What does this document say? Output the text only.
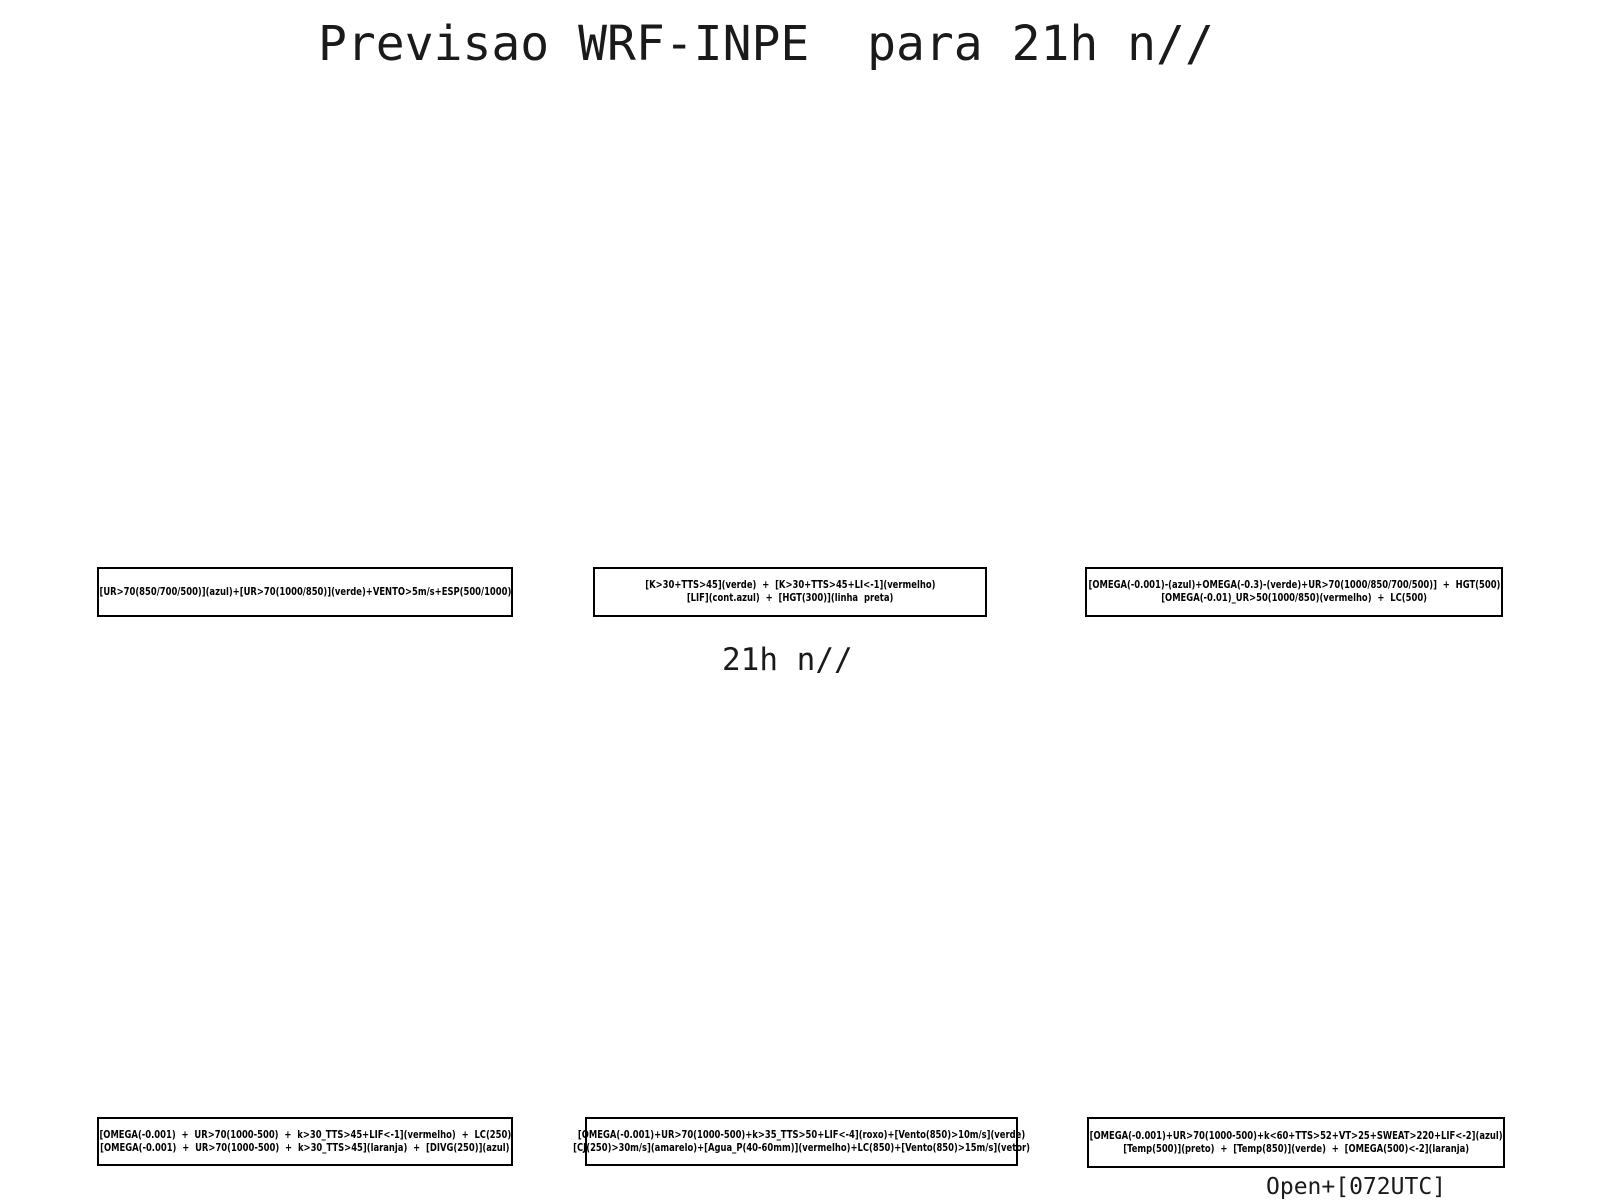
Previsao WRF-INPE  para 21h n//
[UR>70(850/700/500)](azul)+[UR>70(1000/850)](verde)+VENTO>5m/s+ESP(500/1000)
[K>30+TTS>45](verde)  +  [K>30+TTS>45+LI<-1](vermelho)
[LIF](cont.azul)  +  [HGT(300)](linha  preta)
[OMEGA(-0.001)-(azul)+OMEGA(-0.3)-(verde)+UR>70(1000/850/700/500)]  +  HGT(500)
[OMEGA(-0.01)_UR>50(1000/850)(vermelho)  +  LC(500)
21h n//
[OMEGA(-0.001)  +  UR>70(1000-500)  +  k>30_TTS>45+LIF<-1](vermelho)  +  LC(250)
[OMEGA(-0.001)  +  UR>70(1000-500)  +  k>30_TTS>45](laranja)  +  [DIVG(250)](azul)
[OMEGA(-0.001)+UR>70(1000-500)+k>35_TTS>50+LIF<-4](roxo)+[Vento(850)>10m/s](verde)
[CJ(250)>30m/s](amarelo)+[Agua_P(40-60mm)](vermelho)+LC(850)+[Vento(850)>15m/s](vetor)
[OMEGA(-0.001)+UR>70(1000-500)+k<60+TTS>52+VT>25+SWEAT>220+LIF<-2](azul)
[Temp(500)](preto)  +  [Temp(850)](verde)  +  [OMEGA(500)<-2](laranja)
Open+[072UTC]
